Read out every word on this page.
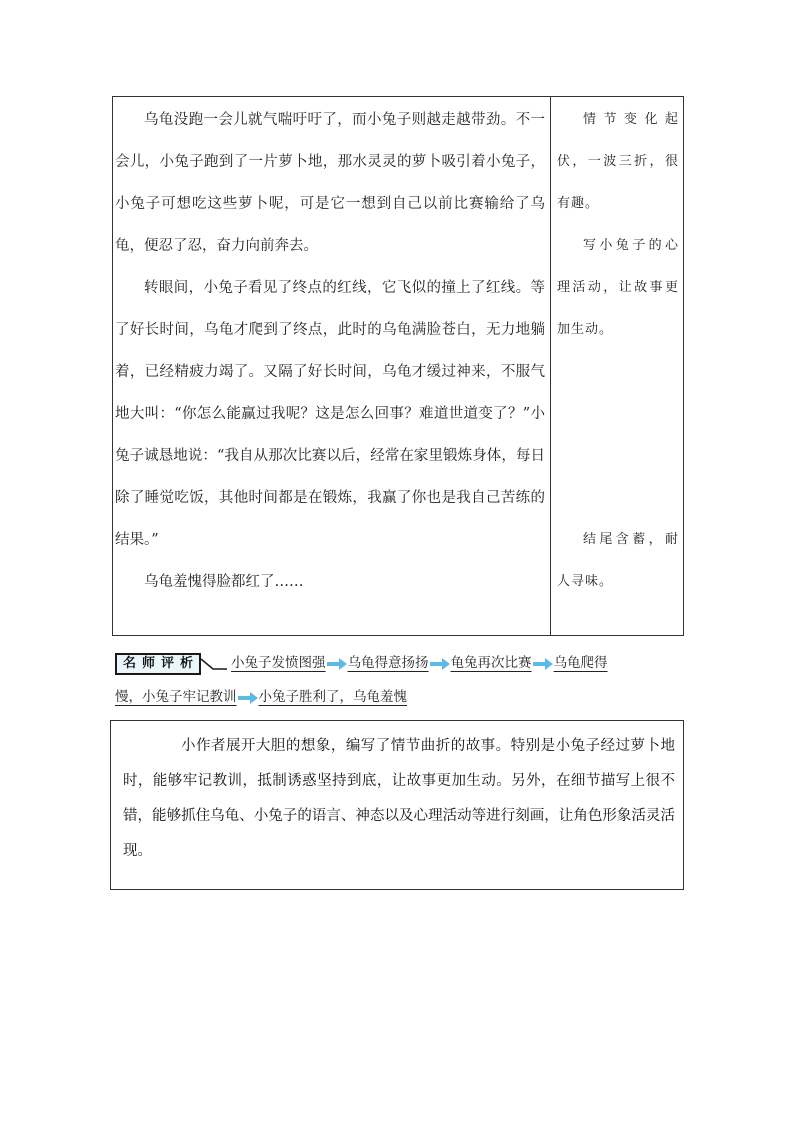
乌龟没跑一会儿就气喘吁吁了，而小兔子则越走越带劲。不一会儿，小兔子跑到了一片萝卜地，那水灵灵的萝卜吸引着小兔子，小兔子可想吃这些萝卜呢，可是它一想到自己以前比赛输给了乌龟，便忍了忍，奋力向前奔去。

转眼间，小兔子看见了终点的红线，它飞似的撞上了红线。等了好长时间，乌龟才爬到了终点，此时的乌龟满脸苍白，无力地躺着，已经精疲力竭了。又隔了好长时间，乌龟才缓过神来，不服气地大叫：“你怎么能赢过我呢？这是怎么回事？难道世道变了？”小兔子诚恳地说：“我自从那次比赛以后，经常在家里锻炼身体，每日除了睡觉吃饭，其他时间都是在锻炼，我赢了你也是我自己苦练的结果。”

乌龟羞愧得脸都红了……

情节变化起伏，一波三折，很有趣。

写小兔子的心理活动，让故事更加生动。

结尾含蓄，耐人寻味。

名 师 评 析	小兔子发愤图强 乌龟得意扬扬 龟兔再次比赛 乌龟爬得
慢，小兔子牢记教训 小兔子胜利了，乌龟羞愧

小作者展开大胆的想象，编写了情节曲折的故事。特别是小兔子经过萝卜地时，能够牢记教训，抵制诱惑坚持到底，让故事更加生动。另外，在细节描写上很不错，能够抓住乌龟、小兔子的语言、神态以及心理活动等进行刻画，让角色形象活灵活现。
